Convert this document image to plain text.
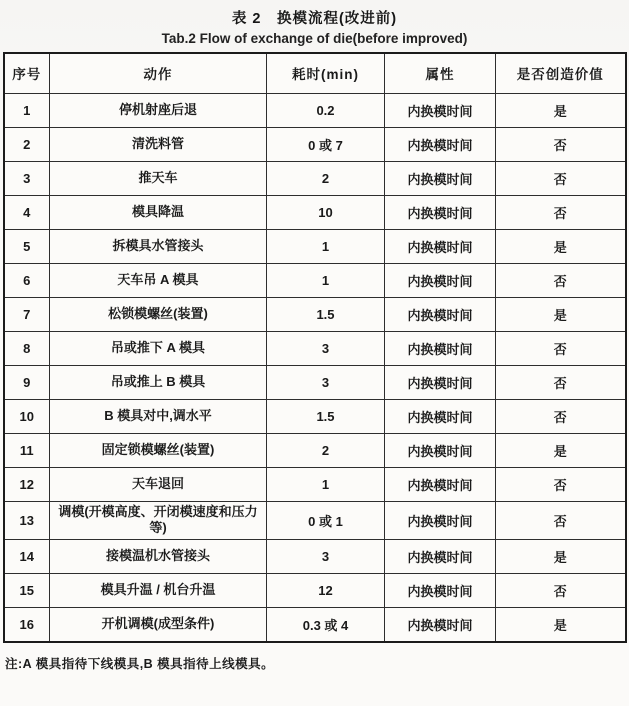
表 2　换模流程(改进前)
Tab.2 Flow of exchange of die(before improved)
序号	动作	耗时(min)	属性	是否创造价值
1	停机射座后退	0.2	内换模时间	是
2	清洗料管	0 或 7	内换模时间	否
3	推天车	2	内换模时间	否
4	模具降温	10	内换模时间	否
5	拆模具水管接头	1	内换模时间	是
6	天车吊 A 模具	1	内换模时间	否
7	松锁模螺丝(装置)	1.5	内换模时间	是
8	吊或推下 A 模具	3	内换模时间	否
9	吊或推上 B 模具	3	内换模时间	否
10	B 模具对中,调水平	1.5	内换模时间	否
11	固定锁模螺丝(装置)	2	内换模时间	是
12	天车退回	1	内换模时间	否
13	调模(开模高度、开闭模速度和压力等)	0 或 1	内换模时间	否
14	接模温机水管接头	3	内换模时间	是
15	模具升温 / 机台升温	12	内换模时间	否
16	开机调模(成型条件)	0.3 或 4	内换模时间	是
注:A 模具指待下线模具,B 模具指待上线模具。
